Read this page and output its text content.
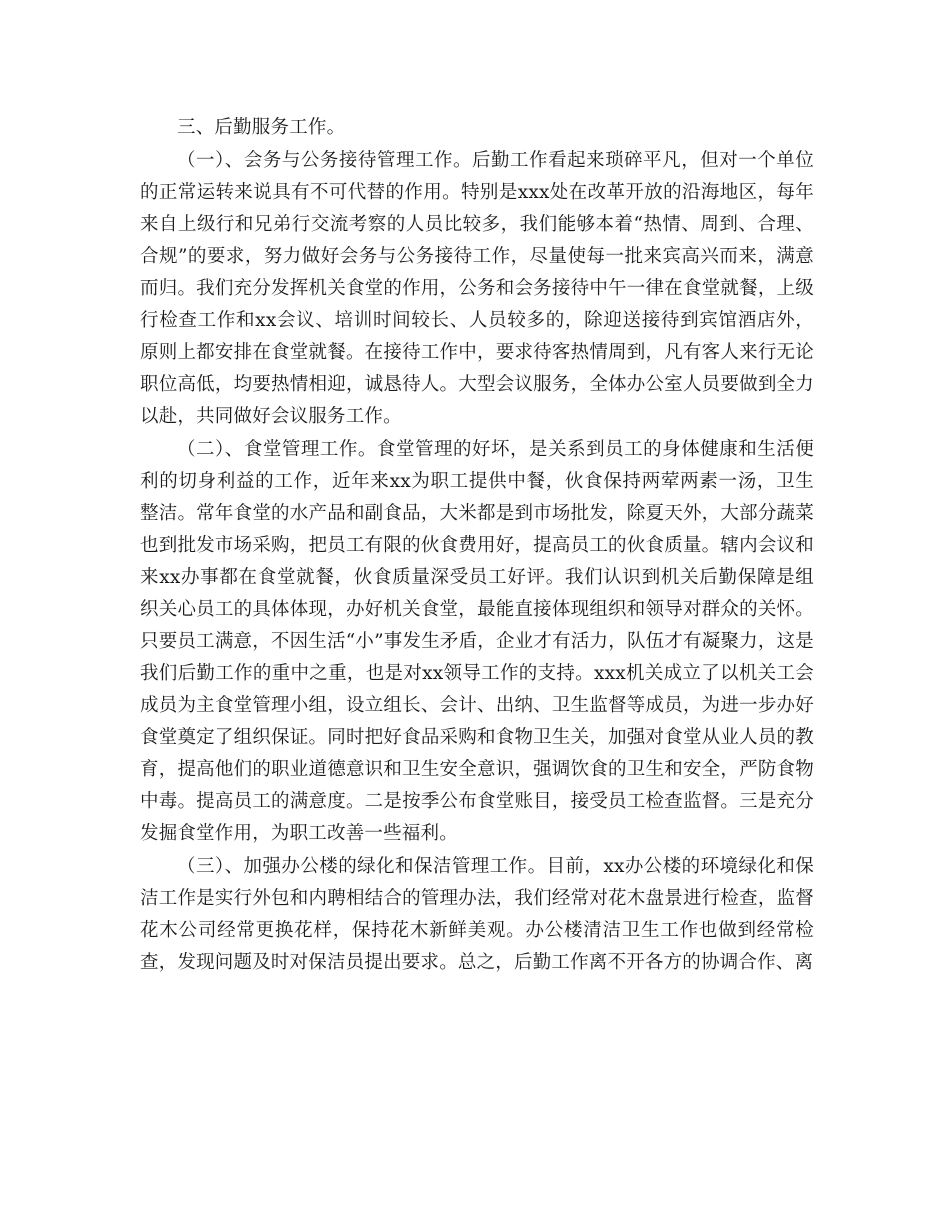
三、后勤服务工作。

（一）、会务与公务接待管理工作。后勤工作看起来琐碎平凡，但对一个单位的正常运转来说具有不可代替的作用。特别是xxx处在改革开放的沿海地区，每年来自上级行和兄弟行交流考察的人员比较多，我们能够本着“热情、周到、合理、合规”的要求，努力做好会务与公务接待工作，尽量使每一批来宾高兴而来，满意而归。我们充分发挥机关食堂的作用，公务和会务接待中午一律在食堂就餐，上级行检查工作和xx会议、培训时间较长、人员较多的，除迎送接待到宾馆酒店外，原则上都安排在食堂就餐。在接待工作中，要求待客热情周到，凡有客人来行无论职位高低，均要热情相迎，诚恳待人。大型会议服务，全体办公室人员要做到全力以赴，共同做好会议服务工作。

（二）、食堂管理工作。食堂管理的好坏，是关系到员工的身体健康和生活便利的切身利益的工作，近年来xx为职工提供中餐，伙食保持两荤两素一汤，卫生整洁。常年食堂的水产品和副食品，大米都是到市场批发，除夏天外，大部分蔬菜也到批发市场采购，把员工有限的伙食费用好，提高员工的伙食质量。辖内会议和来xx办事都在食堂就餐，伙食质量深受员工好评。我们认识到机关后勤保障是组织关心员工的具体体现，办好机关食堂，最能直接体现组织和领导对群众的关怀。只要员工满意，不因生活“小”事发生矛盾，企业才有活力，队伍才有凝聚力，这是我们后勤工作的重中之重，也是对xx领导工作的支持。xxx机关成立了以机关工会成员为主食堂管理小组，设立组长、会计、出纳、卫生监督等成员，为进一步办好食堂奠定了组织保证。同时把好食品采购和食物卫生关，加强对食堂从业人员的教育，提高他们的职业道德意识和卫生安全意识，强调饮食的卫生和安全，严防食物中毒。提高员工的满意度。二是按季公布食堂账目，接受员工检查监督。三是充分发掘食堂作用，为职工改善一些福利。

（三）、加强办公楼的绿化和保洁管理工作。目前，xx办公楼的环境绿化和保洁工作是实行外包和内聘相结合的管理办法，我们经常对花木盘景进行检查，监督花木公司经常更换花样，保持花木新鲜美观。办公楼清洁卫生工作也做到经常检查，发现问题及时对保洁员提出要求。总之，后勤工作离不开各方的协调合作、离
